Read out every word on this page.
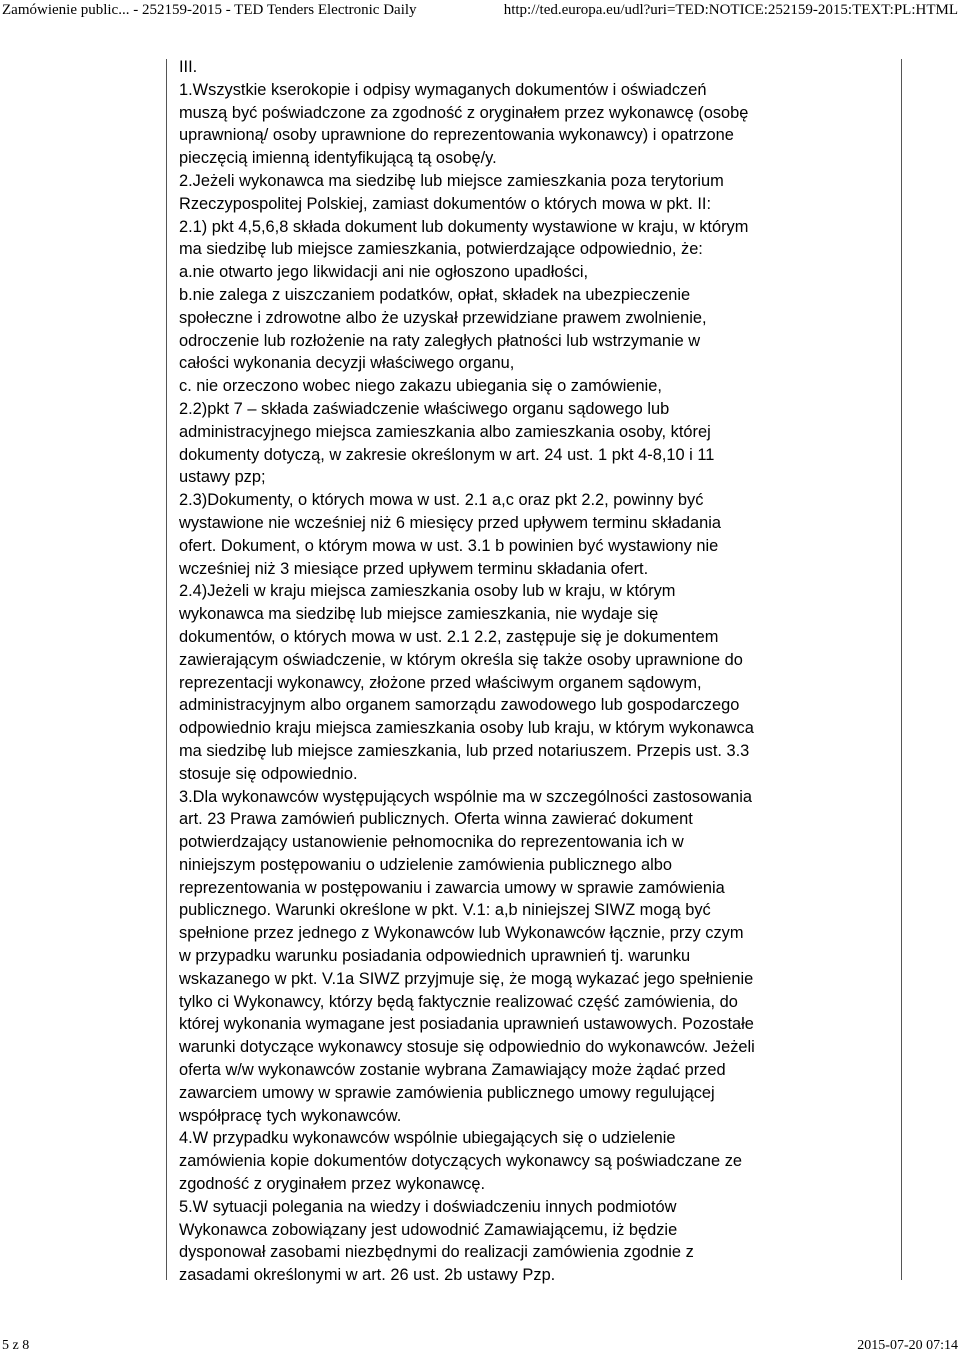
Zamówienie public... - 252159-2015 - TED Tenders Electronic Daily	http://ted.europa.eu/udl?uri=TED:NOTICE:252159-2015:TEXT:PL:HTML
III.
1.Wszystkie kserokopie i odpisy wymaganych dokumentów i oświadczeń
muszą być poświadczone za zgodność z oryginałem przez wykonawcę (osobę
uprawnioną/ osoby uprawnione do reprezentowania wykonawcy) i opatrzone
pieczęcią imienną identyfikującą tą osobę/y.
2.Jeżeli wykonawca ma siedzibę lub miejsce zamieszkania poza terytorium
Rzeczypospolitej Polskiej, zamiast dokumentów o których mowa w pkt. II:
2.1) pkt 4,5,6,8 składa dokument lub dokumenty wystawione w kraju, w którym
ma siedzibę lub miejsce zamieszkania, potwierdzające odpowiednio, że:
a.nie otwarto jego likwidacji ani nie ogłoszono upadłości,
b.nie zalega z uiszczaniem podatków, opłat, składek na ubezpieczenie
społeczne i zdrowotne albo że uzyskał przewidziane prawem zwolnienie,
odroczenie lub rozłożenie na raty zaległych płatności lub wstrzymanie w
całości wykonania decyzji właściwego organu,
c. nie orzeczono wobec niego zakazu ubiegania się o zamówienie,
2.2)pkt 7 – składa zaświadczenie właściwego organu sądowego lub
administracyjnego miejsca zamieszkania albo zamieszkania osoby, której
dokumenty dotyczą, w zakresie określonym w art. 24 ust. 1 pkt 4-8,10 i 11
ustawy pzp;
2.3)Dokumenty, o których mowa w ust. 2.1 a,c oraz pkt 2.2, powinny być
wystawione nie wcześniej niż 6 miesięcy przed upływem terminu składania
ofert. Dokument, o którym mowa w ust. 3.1 b powinien być wystawiony nie
wcześniej niż 3 miesiące przed upływem terminu składania ofert.
2.4)Jeżeli w kraju miejsca zamieszkania osoby lub w kraju, w którym
wykonawca ma siedzibę lub miejsce zamieszkania, nie wydaje się
dokumentów, o których mowa w ust. 2.1 2.2, zastępuje się je dokumentem
zawierającym oświadczenie, w którym określa się także osoby uprawnione do
reprezentacji wykonawcy, złożone przed właściwym organem sądowym,
administracyjnym albo organem samorządu zawodowego lub gospodarczego
odpowiednio kraju miejsca zamieszkania osoby lub kraju, w którym wykonawca
ma siedzibę lub miejsce zamieszkania, lub przed notariuszem. Przepis ust. 3.3
stosuje się odpowiednio.
3.Dla wykonawców występujących wspólnie ma w szczególności zastosowania
art. 23 Prawa zamówień publicznych. Oferta winna zawierać dokument
potwierdzający ustanowienie pełnomocnika do reprezentowania ich w
niniejszym postępowaniu o udzielenie zamówienia publicznego albo
reprezentowania w postępowaniu i zawarcia umowy w sprawie zamówienia
publicznego. Warunki określone w pkt. V.1: a,b niniejszej SIWZ mogą być
spełnione przez jednego z Wykonawców lub Wykonawców łącznie, przy czym
w przypadku warunku posiadania odpowiednich uprawnień tj. warunku
wskazanego w pkt. V.1a SIWZ przyjmuje się, że mogą wykazać jego spełnienie
tylko ci Wykonawcy, którzy będą faktycznie realizować część zamówienia, do
której wykonania wymagane jest posiadania uprawnień ustawowych. Pozostałe
warunki dotyczące wykonawcy stosuje się odpowiednio do wykonawców. Jeżeli
oferta w/w wykonawców zostanie wybrana Zamawiający może żądać przed
zawarciem umowy w sprawie zamówienia publicznego umowy regulującej
współpracę tych wykonawców.
4.W przypadku wykonawców wspólnie ubiegających się o udzielenie
zamówienia kopie dokumentów dotyczących wykonawcy są poświadczane ze
zgodność z oryginałem przez wykonawcę.
5.W sytuacji polegania na wiedzy i doświadczeniu innych podmiotów
Wykonawca zobowiązany jest udowodnić Zamawiającemu, iż będzie
dysponował zasobami niezbędnymi do realizacji zamówienia zgodnie z
zasadami określonymi w art. 26 ust. 2b ustawy Pzp.
5 z 8	2015-07-20 07:14
